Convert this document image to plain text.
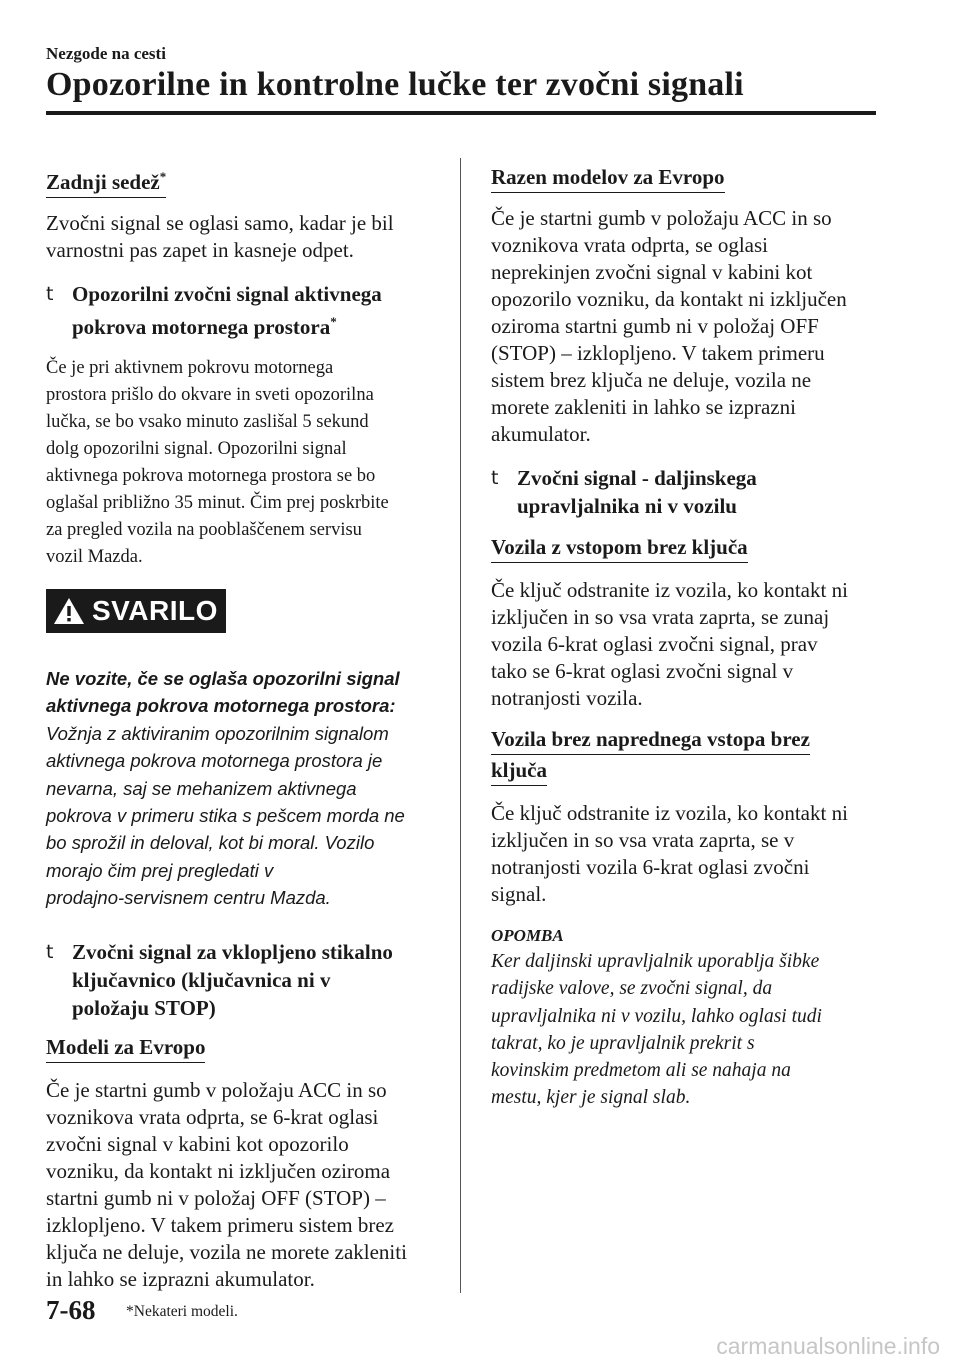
Nezgode na cesti
Opozorilne in kontrolne lučke ter zvočni signali
Zadnji sedež*
Zvočni signal se oglasi samo, kadar je bil
varnostni pas zapet in kasneje odpet.
t Opozorilni zvočni signal aktivnega
pokrova motornega prostora*
Če je pri aktivnem pokrovu motornega
prostora prišlo do okvare in sveti opozorilna
lučka, se bo vsako minuto zaslišal 5 sekund
dolg opozorilni signal. Opozorilni signal
aktivnega pokrova motornega prostora se bo
oglašal približno 35 minut. Čim prej poskrbite
za pregled vozila na pooblaščenem servisu
vozil Mazda.
SVARILO
Ne vozite, če se oglaša opozorilni signal
aktivnega pokrova motornega prostora:
Vožnja z aktiviranim opozorilnim signalom
aktivnega pokrova motornega prostora je
nevarna, saj se mehanizem aktivnega
pokrova v primeru stika s pešcem morda ne
bo sprožil in deloval, kot bi moral. Vozilo
morajo čim prej pregledati v
prodajno-servisnem centru Mazda.
t Zvočni signal za vklopljeno stikalno
ključavnico (ključavnica ni v
položaju STOP)
Modeli za Evropo
Če je startni gumb v položaju ACC in so
voznikova vrata odprta, se 6-krat oglasi
zvočni signal v kabini kot opozorilo
vozniku, da kontakt ni izključen oziroma
startni gumb ni v položaj OFF (STOP) –
izklopljeno. V takem primeru sistem brez
ključa ne deluje, vozila ne morete zakleniti
in lahko se izprazni akumulator.
Razen modelov za Evropo
Če je startni gumb v položaju ACC in so
voznikova vrata odprta, se oglasi
neprekinjen zvočni signal v kabini kot
opozorilo vozniku, da kontakt ni izključen
oziroma startni gumb ni v položaj OFF
(STOP) – izklopljeno. V takem primeru
sistem brez ključa ne deluje, vozila ne
morete zakleniti in lahko se izprazni
akumulator.
t Zvočni signal - daljinskega
upravljalnika ni v vozilu
Vozila z vstopom brez ključa
Če ključ odstranite iz vozila, ko kontakt ni
izključen in so vsa vrata zaprta, se zunaj
vozila 6-krat oglasi zvočni signal, prav
tako se 6-krat oglasi zvočni signal v
notranjosti vozila.
Vozila brez naprednega vstopa brez
ključa
Če ključ odstranite iz vozila, ko kontakt ni
izključen in so vsa vrata zaprta, se v
notranjosti vozila 6-krat oglasi zvočni
signal.
OPOMBA
Ker daljinski upravljalnik uporablja šibke
radijske valove, se zvočni signal, da
upravljalnika ni v vozilu, lahko oglasi tudi
takrat, ko je upravljalnik prekrit s
kovinskim predmetom ali se nahaja na
mestu, kjer je signal slab.
7-68 *Nekateri modeli.
carmanualsonline.info
